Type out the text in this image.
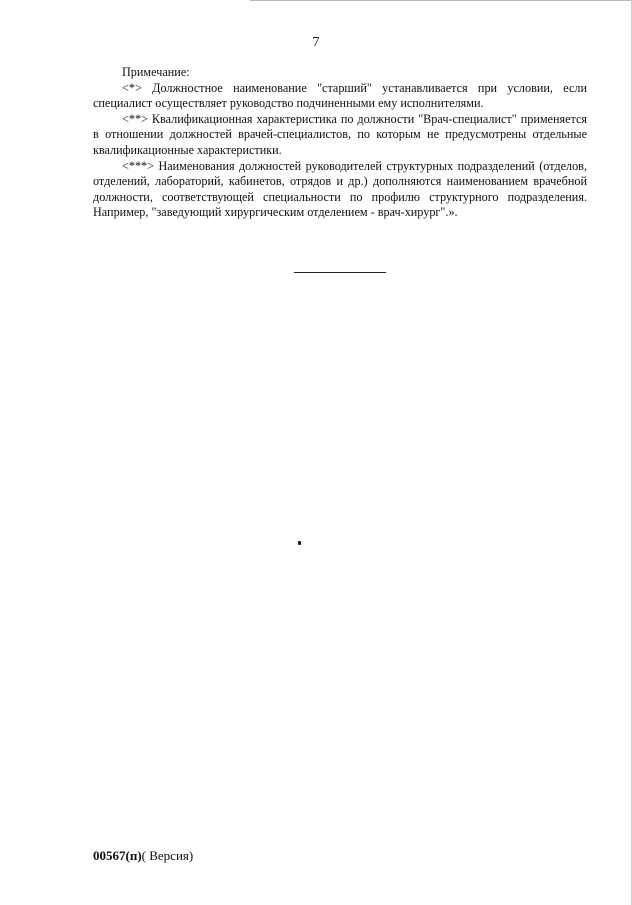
7

Примечание:

<*> Должностное наименование "старший" устанавливается при условии, если специалист осуществляет руководство подчиненными ему исполнителями.

<**> Квалификационная характеристика по должности "Врач-специалист" применяется в отношении должностей врачей-специалистов, по которым не предусмотрены отдельные квалификационные характеристики.

<***> Наименования должностей руководителей структурных подразделений (отделов, отделений, лабораторий, кабинетов, отрядов и др.) дополняются наименованием врачебной должности, соответствующей специальности по профилю структурного подразделения. Например, "заведующий хирургическим отделением - врач-хирург".».

00567(п)( Версия)
